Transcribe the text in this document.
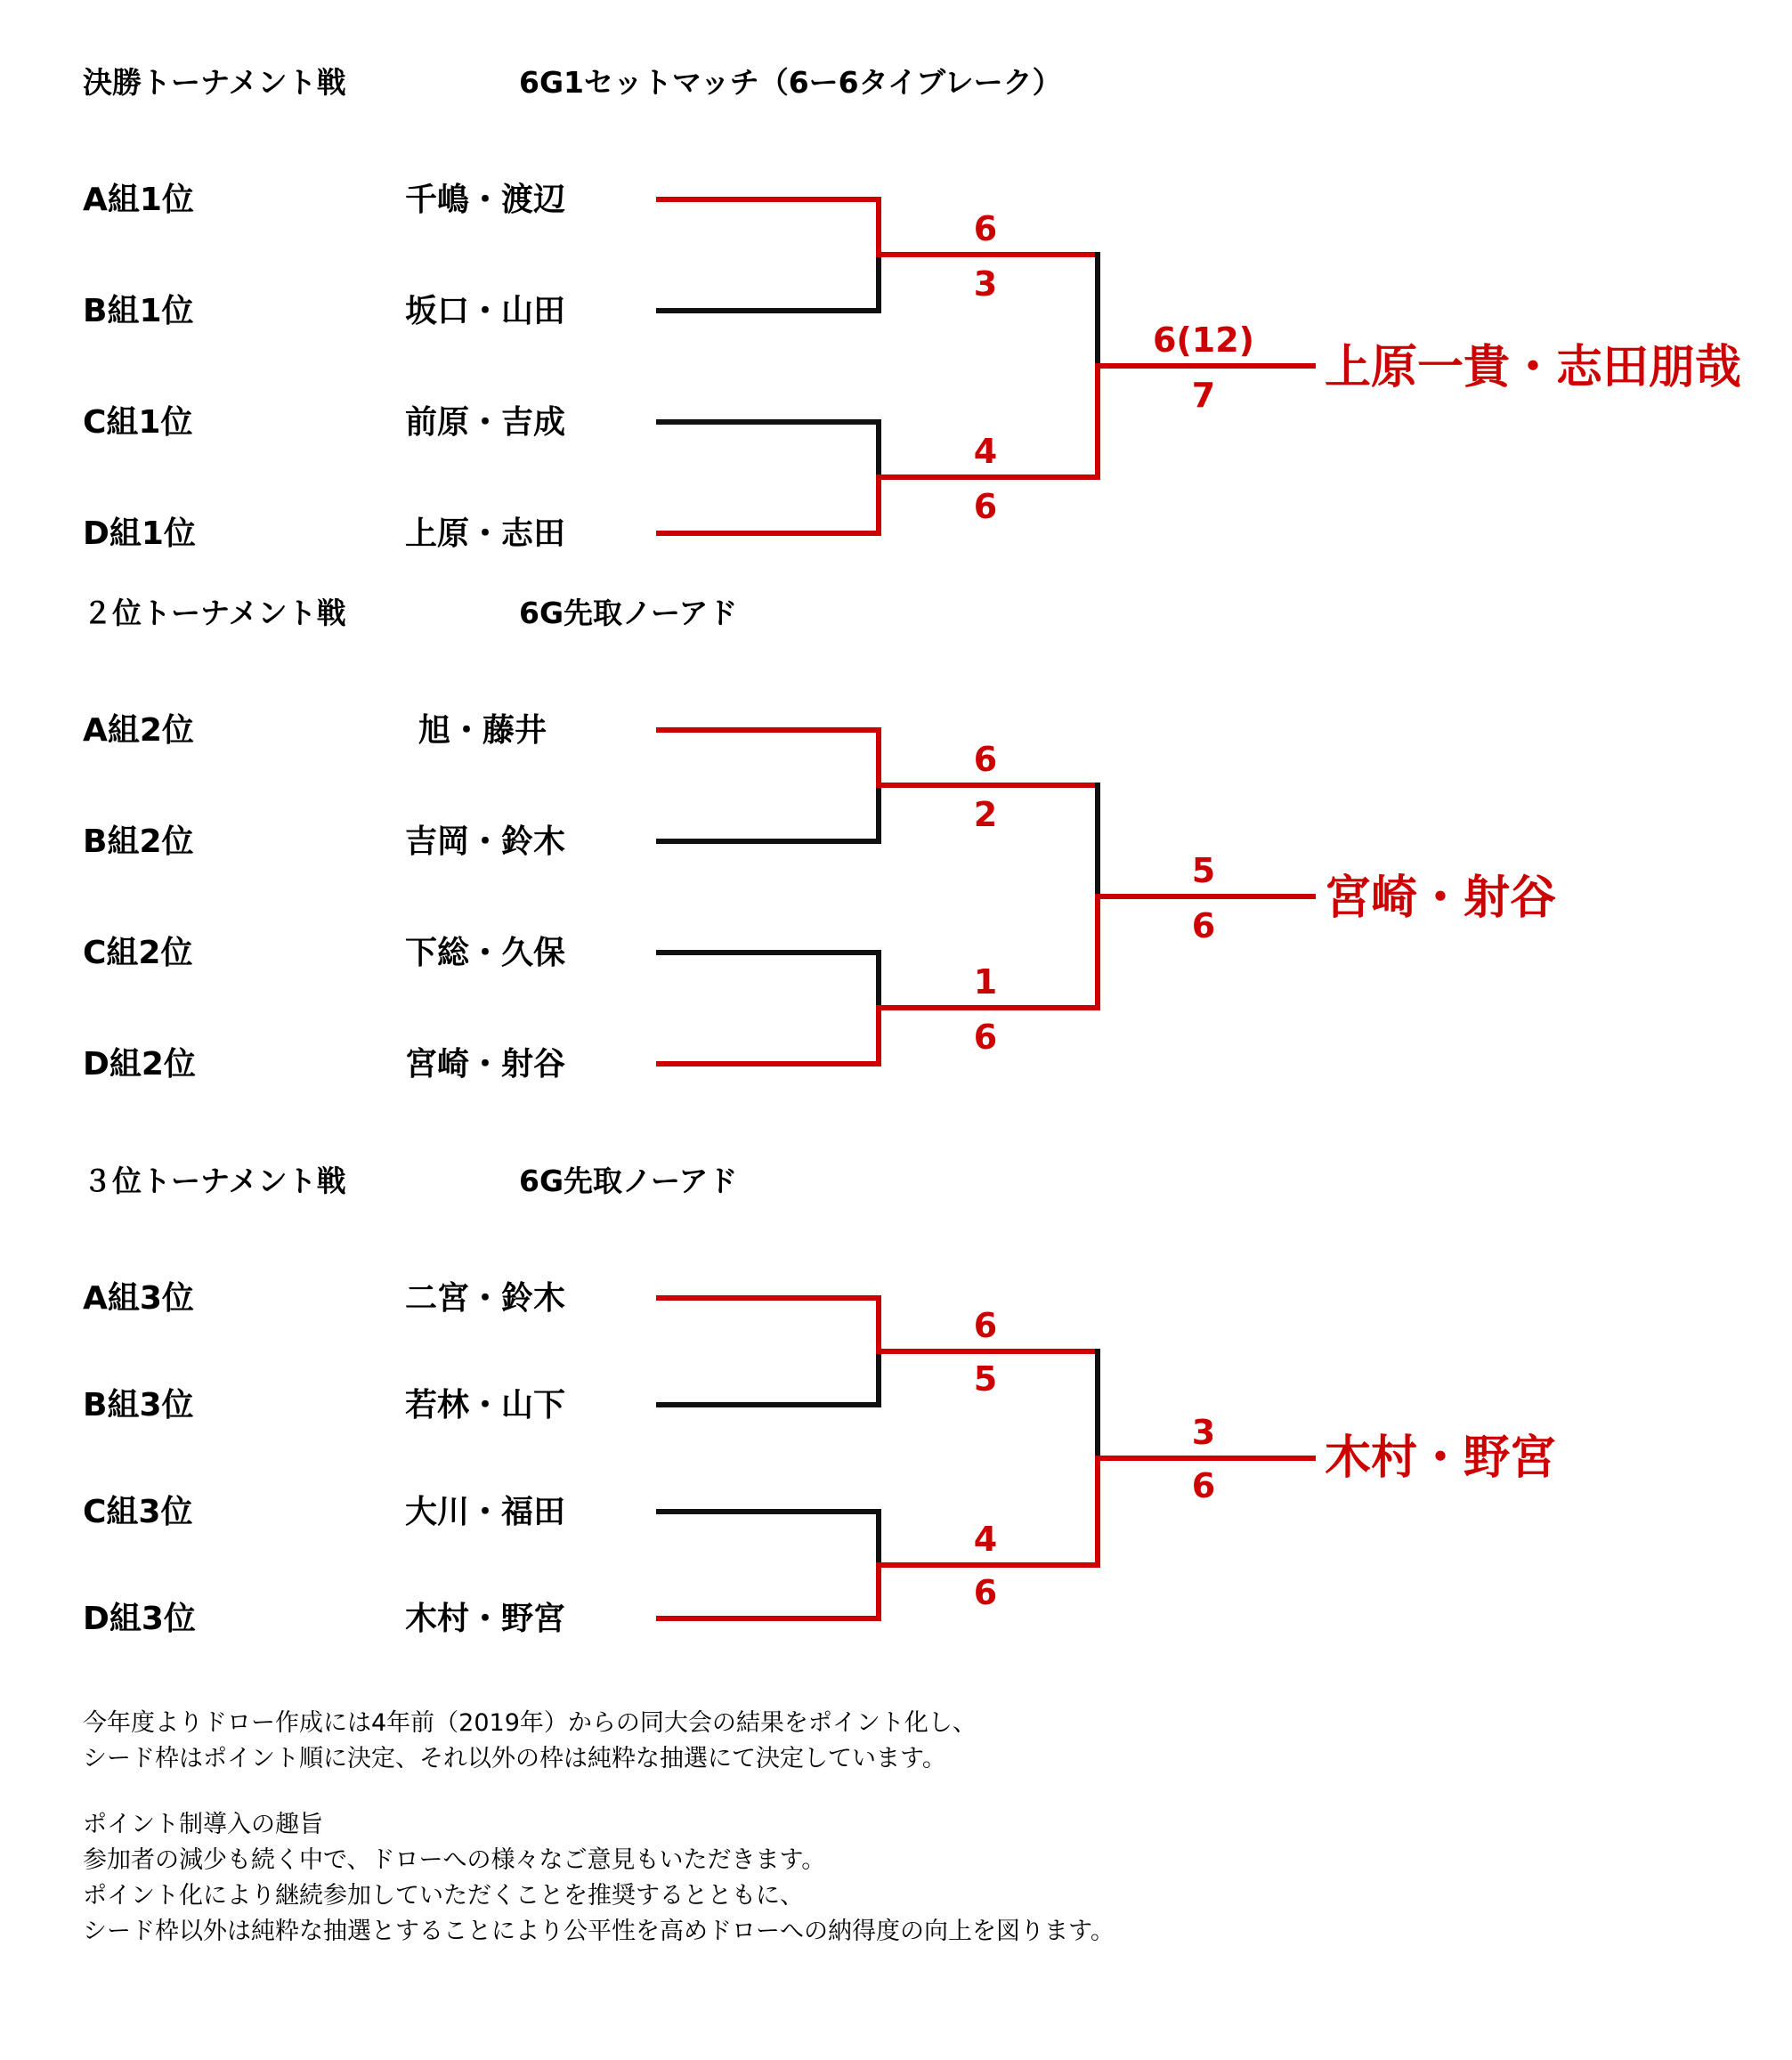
決勝トーナメント戦	6G1セットマッチ（6ー6タイブレーク）
A組1位	千嶋・渡辺
B組1位	坂口・山田
C組1位	前原・吉成
D組1位	上原・志田
6
3
4
6
6(12)
7
上原一貴・志田朋哉
２位トーナメント戦	6G先取ノーアド
A組2位	旭・藤井
B組2位	吉岡・鈴木
C組2位	下総・久保
D組2位	宮崎・射谷
6
2
1
6
5
6
宮崎・射谷
３位トーナメント戦	6G先取ノーアド
A組3位	二宮・鈴木
B組3位	若林・山下
C組3位	大川・福田
D組3位	木村・野宮
6
5
4
6
3
6
木村・野宮
今年度よりドロー作成には4年前（2019年）からの同大会の結果をポイント化し、
シード枠はポイント順に決定、それ以外の枠は純粋な抽選にて決定しています。
ポイント制導入の趣旨
参加者の減少も続く中で、ドローへの様々なご意見もいただきます。
ポイント化により継続参加していただくことを推奨するとともに、
シード枠以外は純粋な抽選とすることにより公平性を高めドローへの納得度の向上を図ります。
